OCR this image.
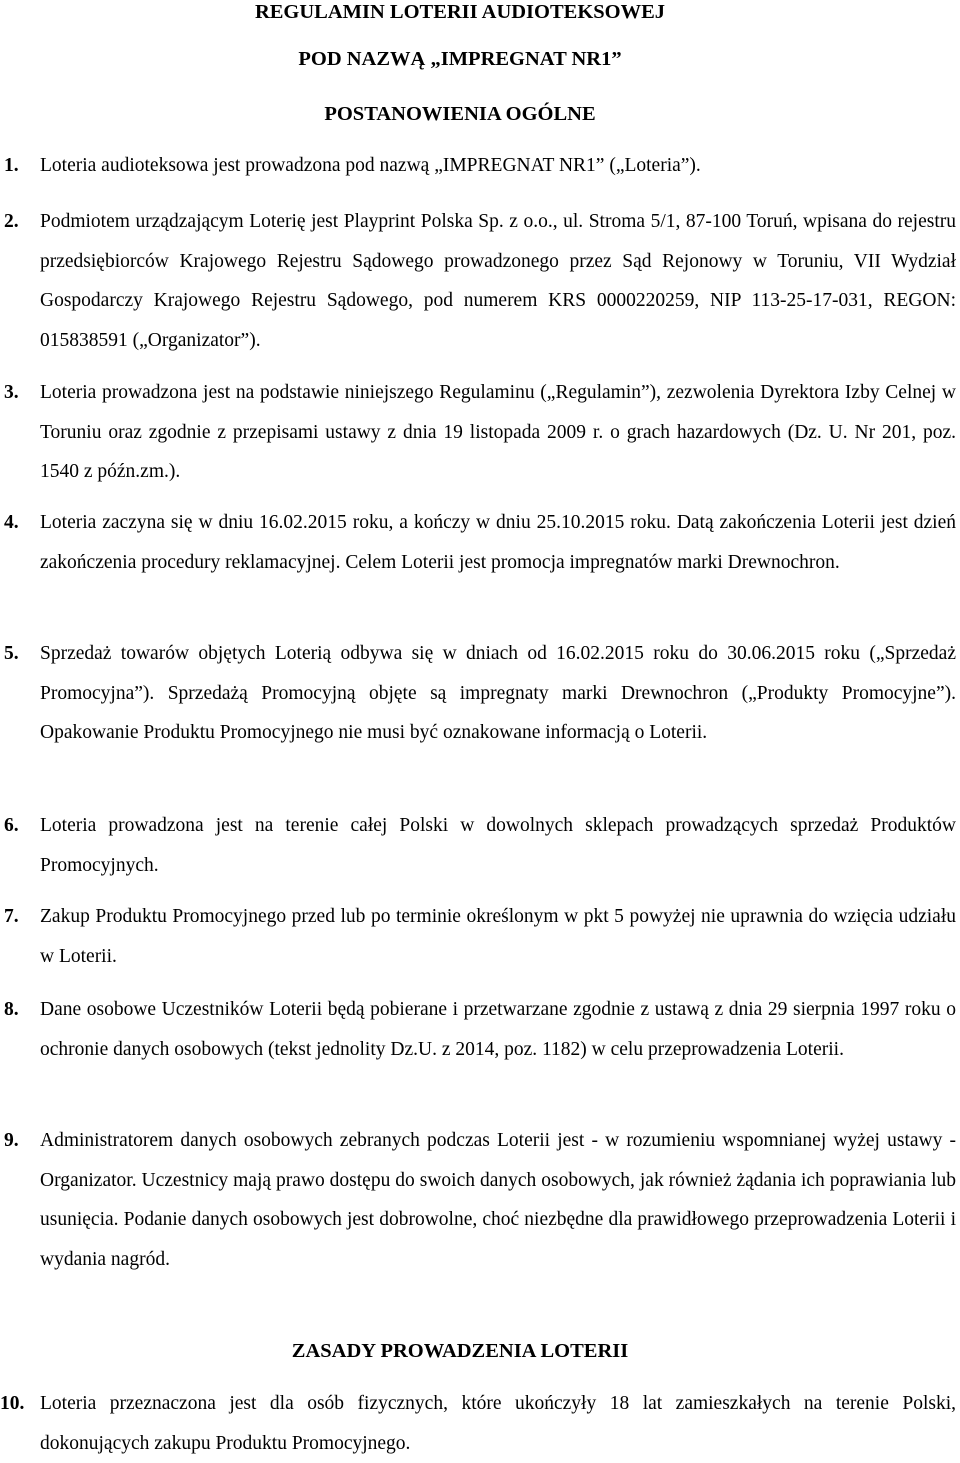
REGULAMIN LOTERII AUDIOTEKSOWEJ
POD NAZWĄ „IMPREGNAT NR1”
POSTANOWIENIA OGÓLNE
1.	Loteria audioteksowa jest prowadzona pod nazwą „IMPREGNAT NR1” („Loteria”).
2.	Podmiotem urządzającym Loterię jest Playprint Polska Sp. z o.o., ul. Stroma 5/1, 87-100 Toruń, wpisana do rejestru przedsiębiorców Krajowego Rejestru Sądowego prowadzonego przez Sąd Rejonowy w Toruniu, VII Wydział Gospodarczy Krajowego Rejestru Sądowego, pod numerem KRS 0000220259, NIP 113-25-17-031, REGON: 015838591 („Organizator”).
3.	Loteria prowadzona jest na podstawie niniejszego Regulaminu („Regulamin”), zezwolenia Dyrektora Izby Celnej w Toruniu oraz zgodnie z przepisami ustawy z dnia 19 listopada 2009 r. o grach hazardowych (Dz. U. Nr 201, poz. 1540 z późn.zm.).
4.	Loteria zaczyna się w dniu 16.02.2015 roku, a kończy w dniu 25.10.2015 roku. Datą zakończenia Loterii jest dzień zakończenia procedury reklamacyjnej. Celem Loterii jest promocja impregnatów marki Drewnochron.
5.	Sprzedaż towarów objętych Loterią odbywa się w dniach od 16.02.2015 roku do 30.06.2015 roku („Sprzedaż Promocyjna”). Sprzedażą Promocyjną objęte są impregnaty marki Drewnochron („Produkty Promocyjne”). Opakowanie Produktu Promocyjnego nie musi być oznakowane informacją o Loterii.
6.	Loteria prowadzona jest na terenie całej Polski w dowolnych sklepach prowadzących sprzedaż Produktów Promocyjnych.
7.	Zakup Produktu Promocyjnego przed lub po terminie określonym w pkt 5 powyżej nie uprawnia do wzięcia udziału w Loterii.
8.	Dane osobowe Uczestników Loterii będą pobierane i przetwarzane zgodnie z ustawą z dnia 29 sierpnia 1997 roku o ochronie danych osobowych (tekst jednolity Dz.U. z 2014, poz. 1182) w celu przeprowadzenia Loterii.
9.	Administratorem danych osobowych zebranych podczas Loterii jest - w rozumieniu wspomnianej wyżej ustawy - Organizator. Uczestnicy mają prawo dostępu do swoich danych osobowych, jak również żądania ich poprawiania lub usunięcia. Podanie danych osobowych jest dobrowolne, choć niezbędne dla prawidłowego przeprowadzenia Loterii i wydania nagród.
ZASADY PROWADZENIA LOTERII
10. Loteria przeznaczona jest dla osób fizycznych, które ukończyły 18 lat zamieszkałych na terenie Polski, dokonujących zakupu Produktu Promocyjnego.
